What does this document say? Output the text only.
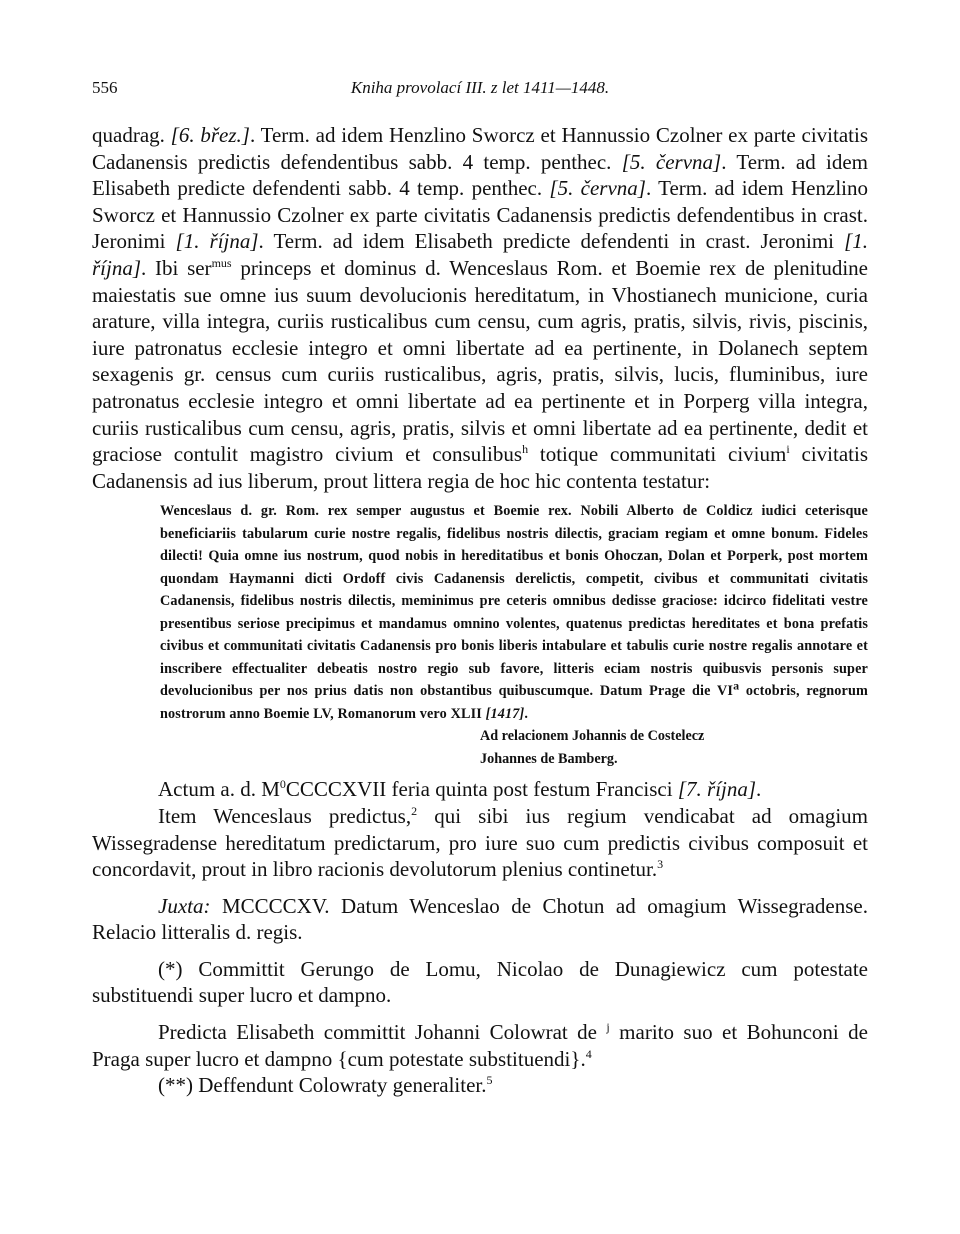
556	Kniha provolací III. z let 1411—1448.

quadrag. [6. břez.]. Term. ad idem Henzlino Sworcz et Hannussio Czolner ex parte civitatis Cadanensis predictis defendentibus sabb. 4 temp. penthec. [5. června]. Term. ad idem Elisabeth predicte defendenti sabb. 4 temp. penthec. [5. června]. Term. ad idem Henzlino Sworcz et Hannussio Czolner ex parte civitatis Cadanensis predictis defendentibus in crast. Jeronimi [1. října]. Term. ad idem Elisabeth predicte defendenti in crast. Jeronimi [1. října]. Ibi ser$^{mus}$ princeps et dominus d. Wenceslaus Rom. et Boemie rex de plenitudine maiestatis sue omne ius suum devolucionis hereditatum, in Vhostianech municione, curia arature, villa integra, curiis rusticalibus cum censu, cum agris, pratis, silvis, rivis, piscinis, iure patronatus ecclesie integro et omni libertate ad ea pertinente, in Dolanech septem sexagenis gr. census cum curiis rusticalibus, agris, pratis, silvis, lucis, fluminibus, iure patronatus ecclesie integro et omni libertate ad ea pertinente et in Porperg villa integra, curiis rusticalibus cum censu, agris, pratis, silvis et omni libertate ad ea pertinente, dedit et graciose contulit magistro civium et consulibus$^h$ totique communitati civium$^i$ civitatis Cadanensis ad ius liberum, prout littera regia de hoc hic contenta testatur:

Wenceslaus d. gr. Rom. rex semper augustus et Boemie rex. Nobili Alberto de Coldicz iudici ceterisque beneficiariis tabularum curie nostre regalis, fidelibus nostris dilectis, graciam regiam et omne bonum. Fideles dilecti! Quia omne ius nostrum, quod nobis in hereditatibus et bonis Ohoczan, Dolan et Porperk, post mortem quondam Haymanni dicti Ordoff civis Cadanensis derelictis, competit, civibus et communitati civitatis Cadanensis, fidelibus nostris dilectis, meminimus pre ceteris omnibus dedisse graciose: idcirco fidelitati vestre presentibus seriose precipimus et mandamus omnino volentes, quatenus predictas hereditates et bona prefatis civibus et communitati civitatis Cadanensis pro bonis liberis intabulare et tabulis curie nostre regalis annotare et inscribere effectualiter debeatis nostro regio sub favore, litteris eciam nostris quibusvis personis super devolucionibus per nos prius datis non obstantibus quibuscumque. Datum Prage die $VI^a$ octobris, regnorum nostrorum anno Boemie LV, Romanorum vero XLII [1417].

Ad relacionem Johannis de Costelecz
Johannes de Bamberg.

Actum a. d. $M^0CCCCXVII$ feria quinta post festum Francisci [7. října].

Item Wenceslaus predictus,$^2$ qui sibi ius regium vendicabat ad omagium Wissegradense hereditatum predictarum, pro iure suo cum predictis civibus composuit et concordavit, prout in libro racionis devolutorum plenius continetur.$^3$

Juxta: MCCCCXV. Datum Wenceslao de Chotun ad omagium Wissegradense. Relacio litteralis d. regis.

(*) Committit Gerungo de Lomu, Nicolao de Dunagiewicz cum potestate substituendi super lucro et dampno.

Predicta Elisabeth committit Johanni Colowrat de $^j$ marito suo et Bohunconi de Praga super lucro et dampno {cum potestate substituendi}.$^4$

(**) Deffendunt Colowraty generaliter.$^5$
